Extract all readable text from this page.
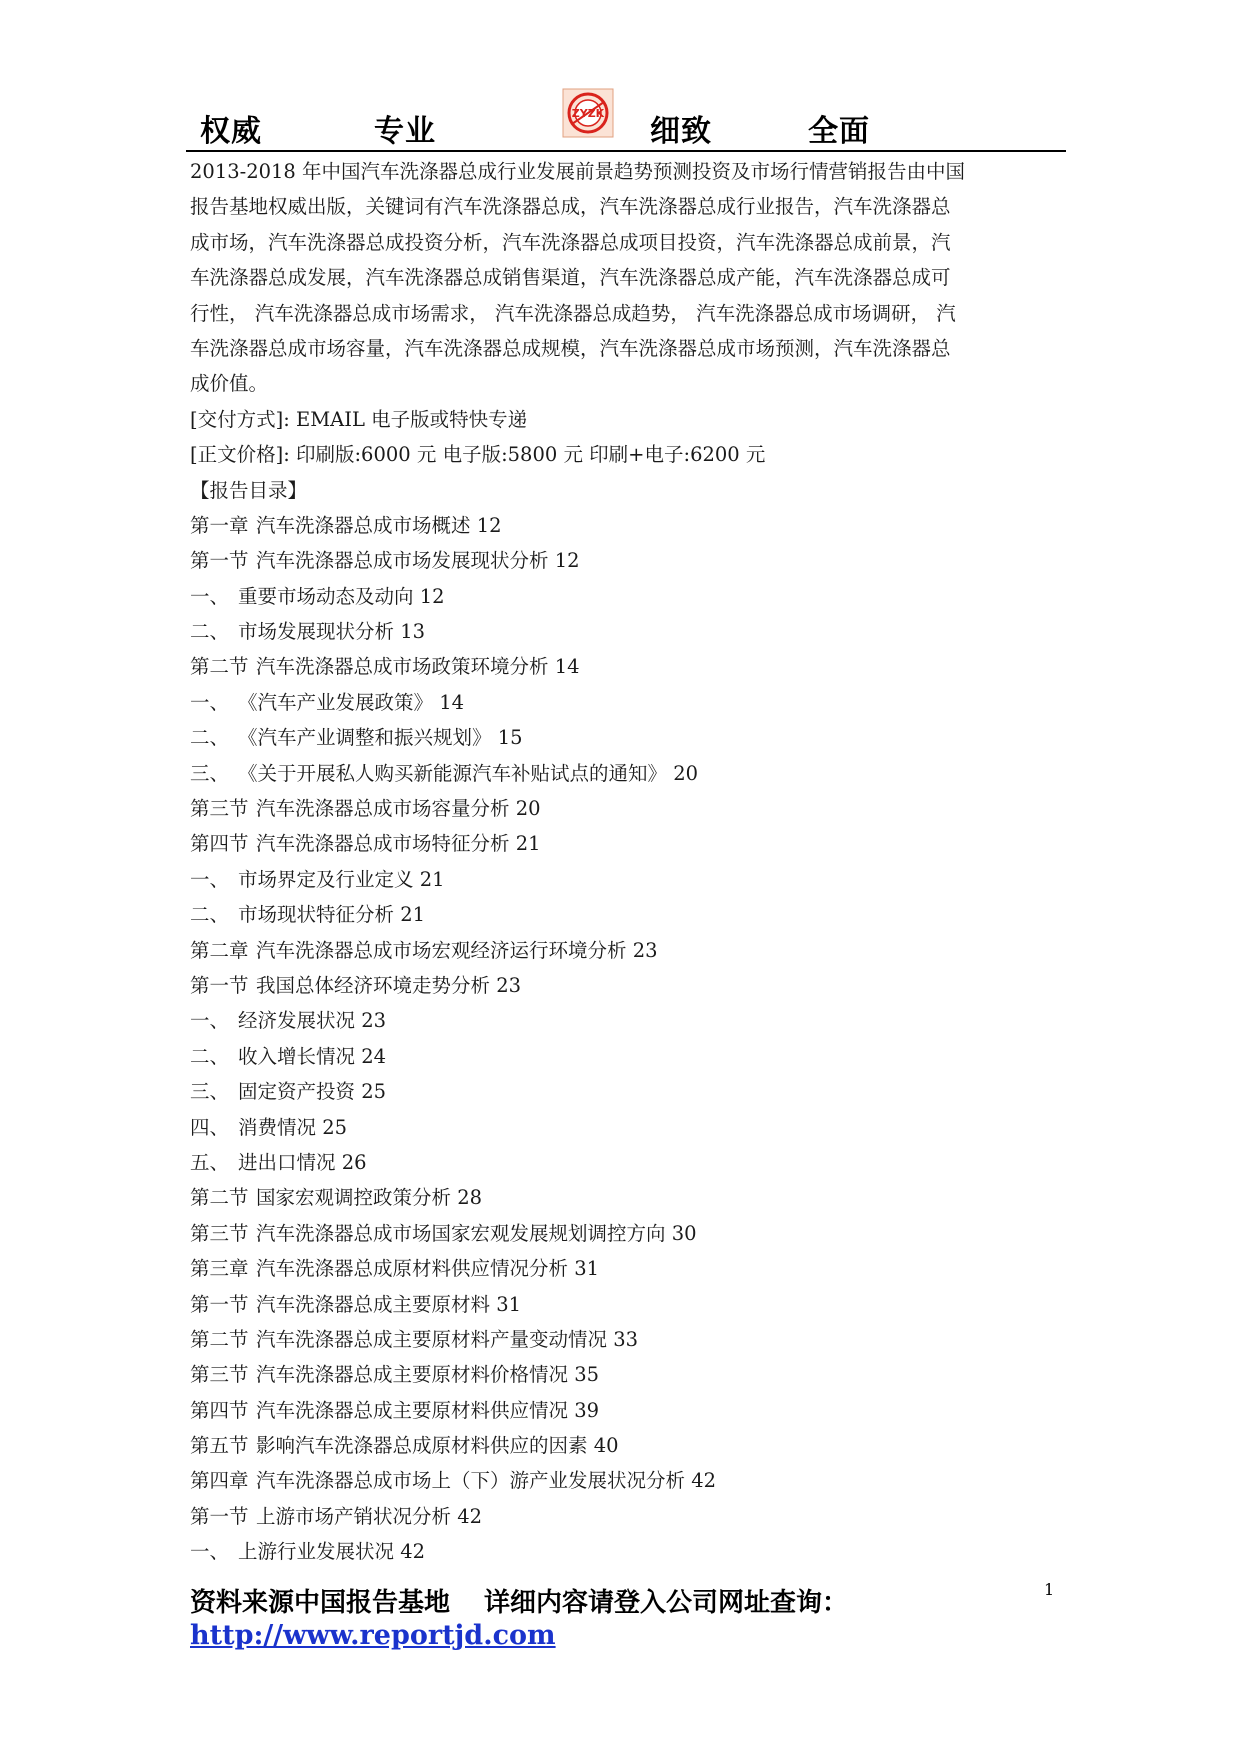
权威	专业
ZYZK
细致	全面
2013-2018 年中国汽车洗涤器总成行业发展前景趋势预测投资及市场行情营销报告由中国
报告基地权威出版，关键词有汽车洗涤器总成，汽车洗涤器总成行业报告，汽车洗涤器总
成市场，汽车洗涤器总成投资分析，汽车洗涤器总成项目投资，汽车洗涤器总成前景，汽
车洗涤器总成发展，汽车洗涤器总成销售渠道，汽车洗涤器总成产能，汽车洗涤器总成可
行性， 汽车洗涤器总成市场需求， 汽车洗涤器总成趋势， 汽车洗涤器总成市场调研， 汽
车洗涤器总成市场容量，汽车洗涤器总成规模，汽车洗涤器总成市场预测，汽车洗涤器总
成价值。
[交付方式]: EMAIL 电子版或特快专递
[正文价格]: 印刷版:6000 元 电子版:5800 元 印刷+电子:6200 元
【报告目录】
第一章 汽车洗涤器总成市场概述 12
第一节 汽车洗涤器总成市场发展现状分析 12
一、 重要市场动态及动向 12
二、 市场发展现状分析 13
第二节 汽车洗涤器总成市场政策环境分析 14
一、 《汽车产业发展政策》 14
二、 《汽车产业调整和振兴规划》 15
三、 《关于开展私人购买新能源汽车补贴试点的通知》 20
第三节 汽车洗涤器总成市场容量分析 20
第四节 汽车洗涤器总成市场特征分析 21
一、 市场界定及行业定义 21
二、 市场现状特征分析 21
第二章 汽车洗涤器总成市场宏观经济运行环境分析 23
第一节 我国总体经济环境走势分析 23
一、 经济发展状况 23
二、 收入增长情况 24
三、 固定资产投资 25
四、 消费情况 25
五、 进出口情况 26
第二节 国家宏观调控政策分析 28
第三节 汽车洗涤器总成市场国家宏观发展规划调控方向 30
第三章 汽车洗涤器总成原材料供应情况分析 31
第一节 汽车洗涤器总成主要原材料 31
第二节 汽车洗涤器总成主要原材料产量变动情况 33
第三节 汽车洗涤器总成主要原材料价格情况 35
第四节 汽车洗涤器总成主要原材料供应情况 39
第五节 影响汽车洗涤器总成原材料供应的因素 40
第四章 汽车洗涤器总成市场上（下）游产业发展状况分析 42
第一节 上游市场产销状况分析 42
一、 上游行业发展状况 42
资料来源中国报告基地 详细内容请登入公司网址查询：	1
http://www.reportjd.com
